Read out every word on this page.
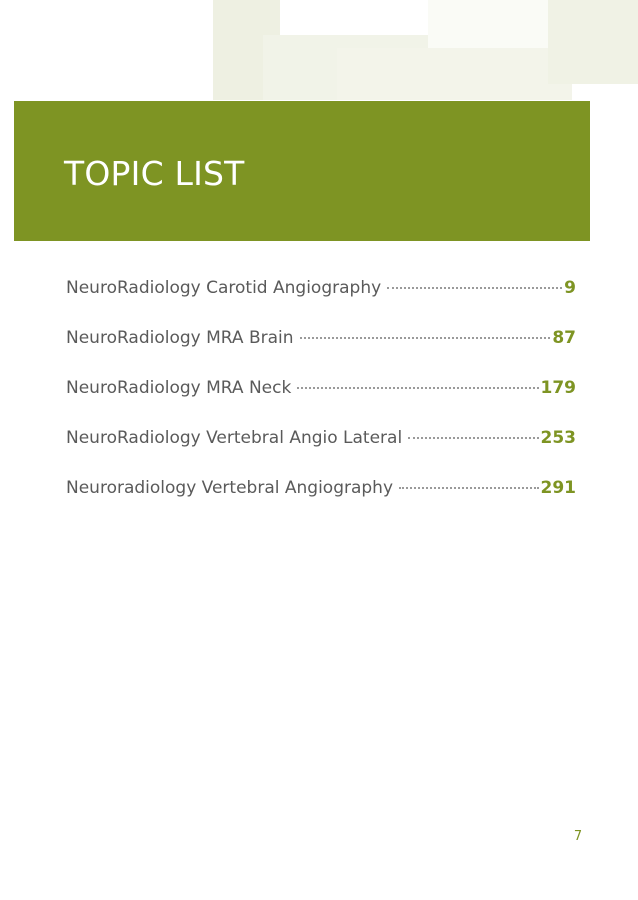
TOPIC LIST
NeuroRadiology Carotid Angiography	9
NeuroRadiology MRA Brain	87
NeuroRadiology MRA Neck	179
NeuroRadiology Vertebral Angio Lateral	253
Neuroradiology Vertebral Angiography	291
7
